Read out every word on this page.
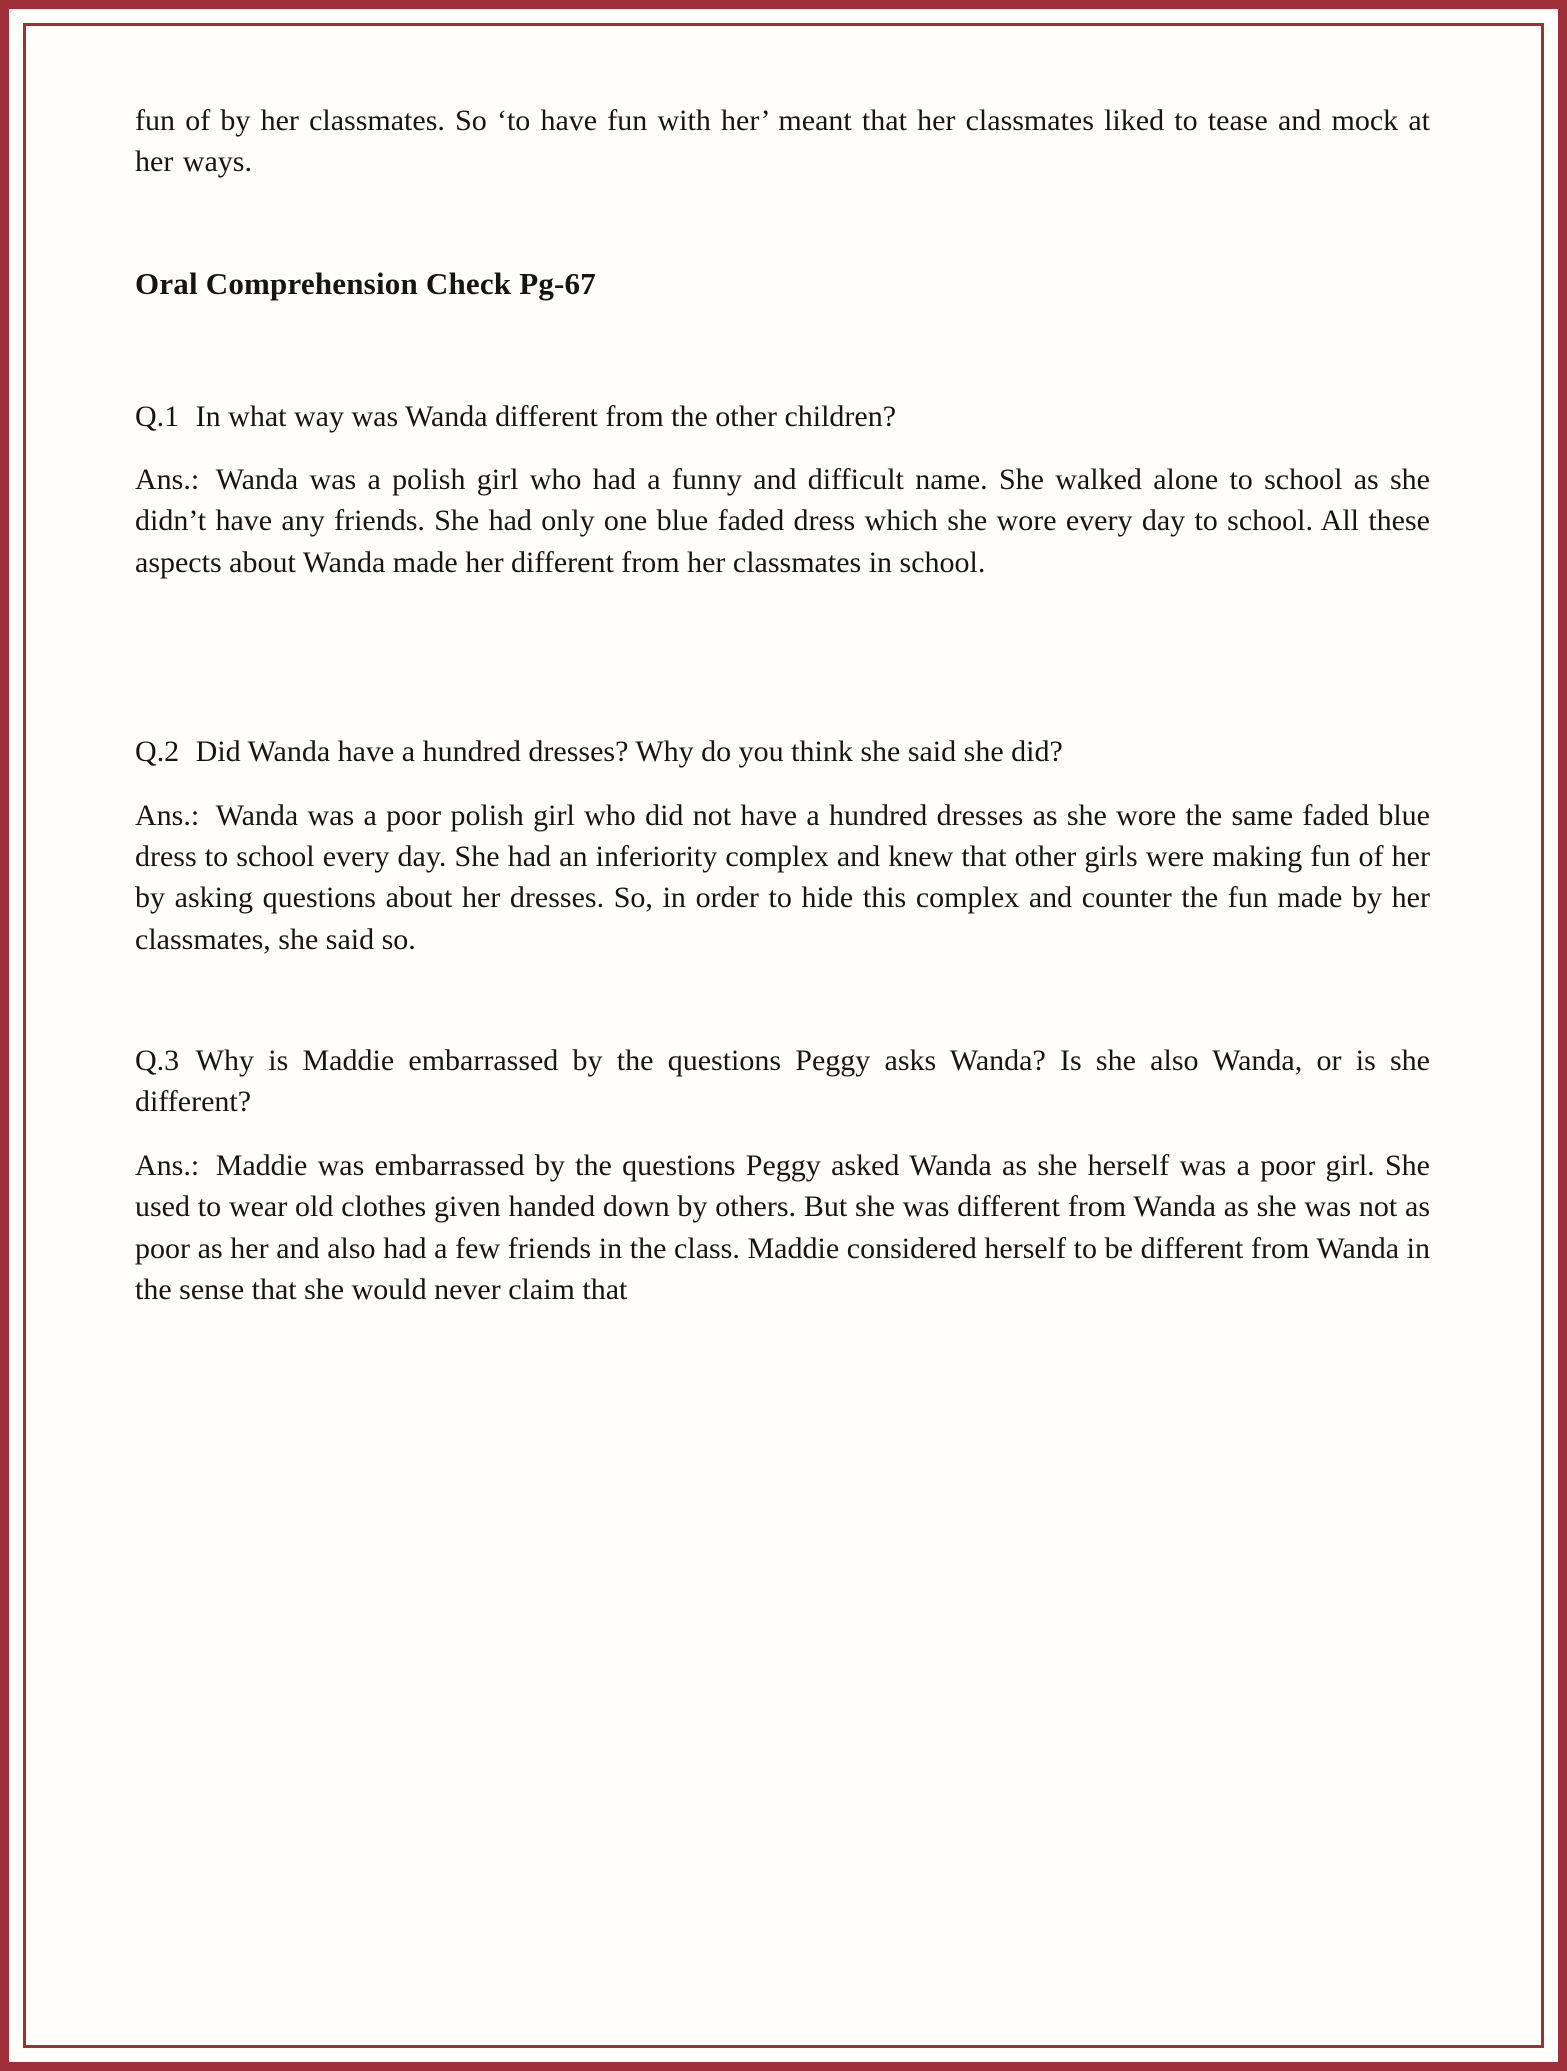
fun of by her classmates. So ‘to have fun with her’ meant that her classmates liked to tease and mock at her ways.

Oral Comprehension Check Pg-67

Q.1 In what way was Wanda different from the other children?

Ans.: Wanda was a polish girl who had a funny and difficult name. She walked alone to school as she didn’t have any friends. She had only one blue faded dress which she wore every day to school. All these aspects about Wanda made her different from her classmates in school.

Q.2 Did Wanda have a hundred dresses? Why do you think she said she did?

Ans.: Wanda was a poor polish girl who did not have a hundred dresses as she wore the same faded blue dress to school every day. She had an inferiority complex and knew that other girls were making fun of her by asking questions about her dresses. So, in order to hide this complex and counter the fun made by her classmates, she said so.

Q.3 Why is Maddie embarrassed by the questions Peggy asks Wanda? Is she also Wanda, or is she different?

Ans.: Maddie was embarrassed by the questions Peggy asked Wanda as she herself was a poor girl. She used to wear old clothes given handed down by others. But she was different from Wanda as she was not as poor as her and also had a few friends in the class. Maddie considered herself to be different from Wanda in the sense that she would never claim that
